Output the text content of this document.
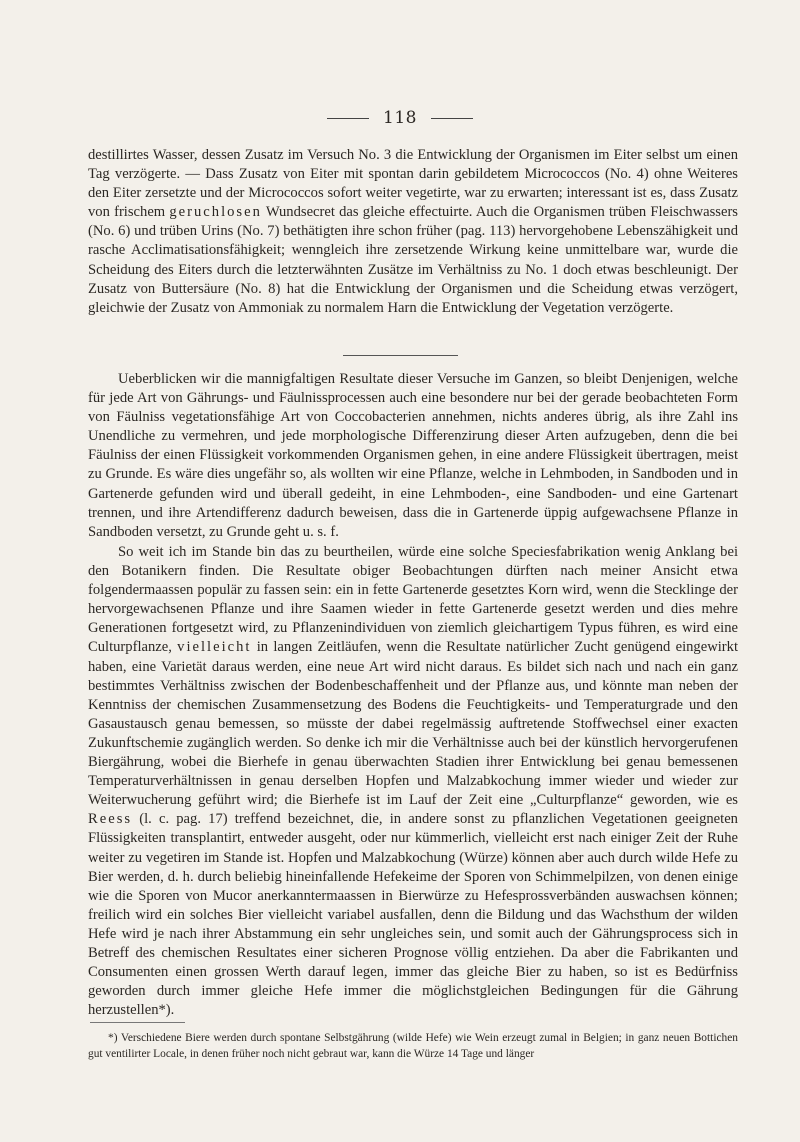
118

destillirtes Wasser, dessen Zusatz im Versuch No. 3 die Entwicklung der Organismen im Eiter selbst um einen Tag verzögerte. — Dass Zusatz von Eiter mit spontan darin gebildetem Micrococcos (No. 4) ohne Weiteres den Eiter zersetzte und der Micrococcos sofort weiter vegetirte, war zu erwarten; interessant ist es, dass Zusatz von frischem geruchlosen Wundsecret das gleiche effectuirte. Auch die Organismen trüben Fleischwassers (No. 6) und trüben Urins (No. 7) bethätigten ihre schon früher (pag. 113) hervorgehobene Lebenszähigkeit und rasche Acclimatisationsfähigkeit; wenngleich ihre zersetzende Wirkung keine unmittelbare war, wurde die Scheidung des Eiters durch die letzterwähnten Zusätze im Verhältniss zu No. 1 doch etwas beschleunigt. Der Zusatz von Buttersäure (No. 8) hat die Entwicklung der Organismen und die Scheidung etwas verzögert, gleichwie der Zusatz von Ammoniak zu normalem Harn die Entwicklung der Vegetation verzögerte.

Ueberblicken wir die mannigfaltigen Resultate dieser Versuche im Ganzen, so bleibt Denjenigen, welche für jede Art von Gährungs- und Fäulnissprocessen auch eine besondere nur bei der gerade beobachteten Form von Fäulniss vegetationsfähige Art von Coccobacterien annehmen, nichts anderes übrig, als ihre Zahl ins Unendliche zu vermehren, und jede morphologische Differenzirung dieser Arten aufzugeben, denn die bei Fäulniss der einen Flüssigkeit vorkommenden Organismen gehen, in eine andere Flüssigkeit übertragen, meist zu Grunde. Es wäre dies ungefähr so, als wollten wir eine Pflanze, welche in Lehmboden, in Sandboden und in Gartenerde gefunden wird und überall gedeiht, in eine Lehmboden-, eine Sandboden- und eine Gartenart trennen, und ihre Artendifferenz dadurch beweisen, dass die in Gartenerde üppig aufgewachsene Pflanze in Sandboden versetzt, zu Grunde geht u. s. f.

So weit ich im Stande bin das zu beurtheilen, würde eine solche Speciesfabrikation wenig Anklang bei den Botanikern finden. Die Resultate obiger Beobachtungen dürften nach meiner Ansicht etwa folgendermaassen populär zu fassen sein: ein in fette Gartenerde gesetztes Korn wird, wenn die Stecklinge der hervorgewachsenen Pflanze und ihre Saamen wieder in fette Gartenerde gesetzt werden und dies mehre Generationen fortgesetzt wird, zu Pflanzenindividuen von ziemlich gleichartigem Typus führen, es wird eine Culturpflanze, vielleicht in langen Zeitläufen, wenn die Resultate natürlicher Zucht genügend eingewirkt haben, eine Varietät daraus werden, eine neue Art wird nicht daraus. Es bildet sich nach und nach ein ganz bestimmtes Verhältniss zwischen der Bodenbeschaffenheit und der Pflanze aus, und könnte man neben der Kenntniss der chemischen Zusammensetzung des Bodens die Feuchtigkeits- und Temperaturgrade und den Gasaustausch genau bemessen, so müsste der dabei regelmässig auftretende Stoffwechsel einer exacten Zukunftschemie zugänglich werden. So denke ich mir die Verhältnisse auch bei der künstlich hervorgerufenen Biergährung, wobei die Bierhefe in genau überwachten Stadien ihrer Entwicklung bei genau bemessenen Temperaturverhältnissen in genau derselben Hopfen und Malzabkochung immer wieder und wieder zur Weiterwucherung geführt wird; die Bierhefe ist im Lauf der Zeit eine „Culturpflanze“ geworden, wie es Reess (l. c. pag. 17) treffend bezeichnet, die, in andere sonst zu pflanzlichen Vegetationen geeigneten Flüssigkeiten transplantirt, entweder ausgeht, oder nur kümmerlich, vielleicht erst nach einiger Zeit der Ruhe weiter zu vegetiren im Stande ist. Hopfen und Malzabkochung (Würze) können aber auch durch wilde Hefe zu Bier werden, d. h. durch beliebig hineinfallende Hefekeime der Sporen von Schimmelpilzen, von denen einige wie die Sporen von Mucor anerkanntermaassen in Bierwürze zu Hefesprossverbänden auswachsen können; freilich wird ein solches Bier vielleicht variabel ausfallen, denn die Bildung und das Wachsthum der wilden Hefe wird je nach ihrer Abstammung ein sehr ungleiches sein, und somit auch der Gährungsprocess sich in Betreff des chemischen Resultates einer sicheren Prognose völlig entziehen. Da aber die Fabrikanten und Consumenten einen grossen Werth darauf legen, immer das gleiche Bier zu haben, so ist es Bedürfniss geworden durch immer gleiche Hefe immer die möglichstgleichen Bedingungen für die Gährung herzustellen*).

*) Verschiedene Biere werden durch spontane Selbstgährung (wilde Hefe) wie Wein erzeugt zumal in Belgien; in ganz neuen Bottichen gut ventilirter Locale, in denen früher noch nicht gebraut war, kann die Würze 14 Tage und länger
